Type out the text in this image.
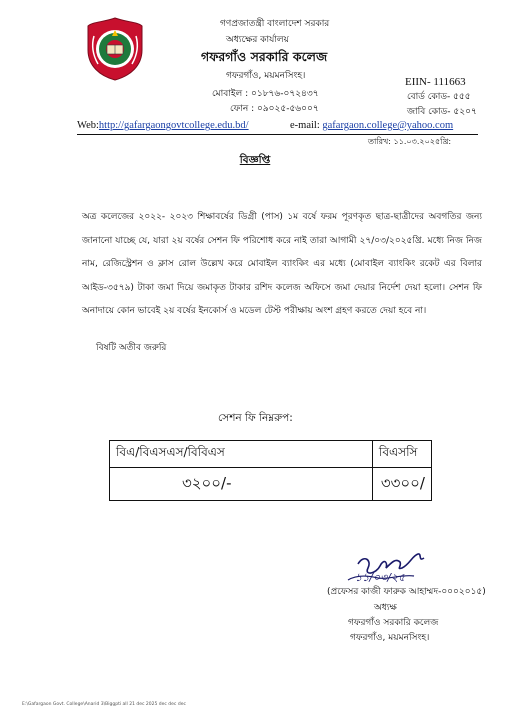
গণপ্রজাতন্ত্রী বাংলাদেশ সরকার
অধ্যক্ষের কার্যালয়
গফরগাঁও সরকারি কলেজ
গফরগাঁও, ময়মনসিংহ।
মোবাইল : ০১৮৭৬-০৭২৪৩৭
ফোন : ০৯০২৫-৫৬০০৭
EIIN- 111663
বোর্ড কোড- ৫৫৫
জাবি কোড- ৫২০৭
Web:http://gafargaongovtcollege.edu.bd/	e-mail: gafargaon.college@yahoo.com
তারিখ: ১১.০৩.২০২৫খ্রি:
বিজ্ঞপ্তি
অত্র কলেজের ২০২২- ২০২৩ শিক্ষাবর্ষের ডিগ্রী (পাস) ১ম বর্ষে ফরম পূরণকৃত ছাত্র-ছাত্রীদের অবগতির জন্য জানানো যাচ্ছে যে, যারা ২য় বর্ষের সেশন ফি পরিশোধ করে নাই তারা আগামী ২৭/০৩/২০২৫খ্রি. মধ্যে নিজ নিজ নাম, রেজিস্ট্রেশন ও ক্লাস রোল উল্লেখ করে মোবাইল ব্যাংকিং এর মধ্যে (মোবাইল ব্যাংকিং রকেট এর বিলার আইড-৩৫৭৯) টাকা জমা দিয়ে জমাকৃত টাকার রশিদ কলেজ অফিসে জমা দেয়ার নির্দেশ দেয়া হলো। সেশন ফি অনাদায়ে কোন ভাবেই ২য় বর্ষের ইনকোর্স ও মডেল টেস্ট পরীক্ষায় অংশ গ্রহণ করতে দেয়া হবে না।
বিষটি অতীব জরুরি
সেশন ফি নিম্নরুপ:
বিএ/বিএসএস/বিবিএস	বিএসসি
৩২০০/-	৩৩০০/
১১/০৩/২৫
(প্রফেসর কাজী ফারুক আহাম্মদ-০০০২০১৫)
অধ্যক্ষ
গফরগাঁও সরকারি কলেজ
গফরগাঁও, ময়মনসিংহ।
E:\Gafargaon Govt. College\Anarid 3\Biggpti all 21 dec 2025 dec dec dec
